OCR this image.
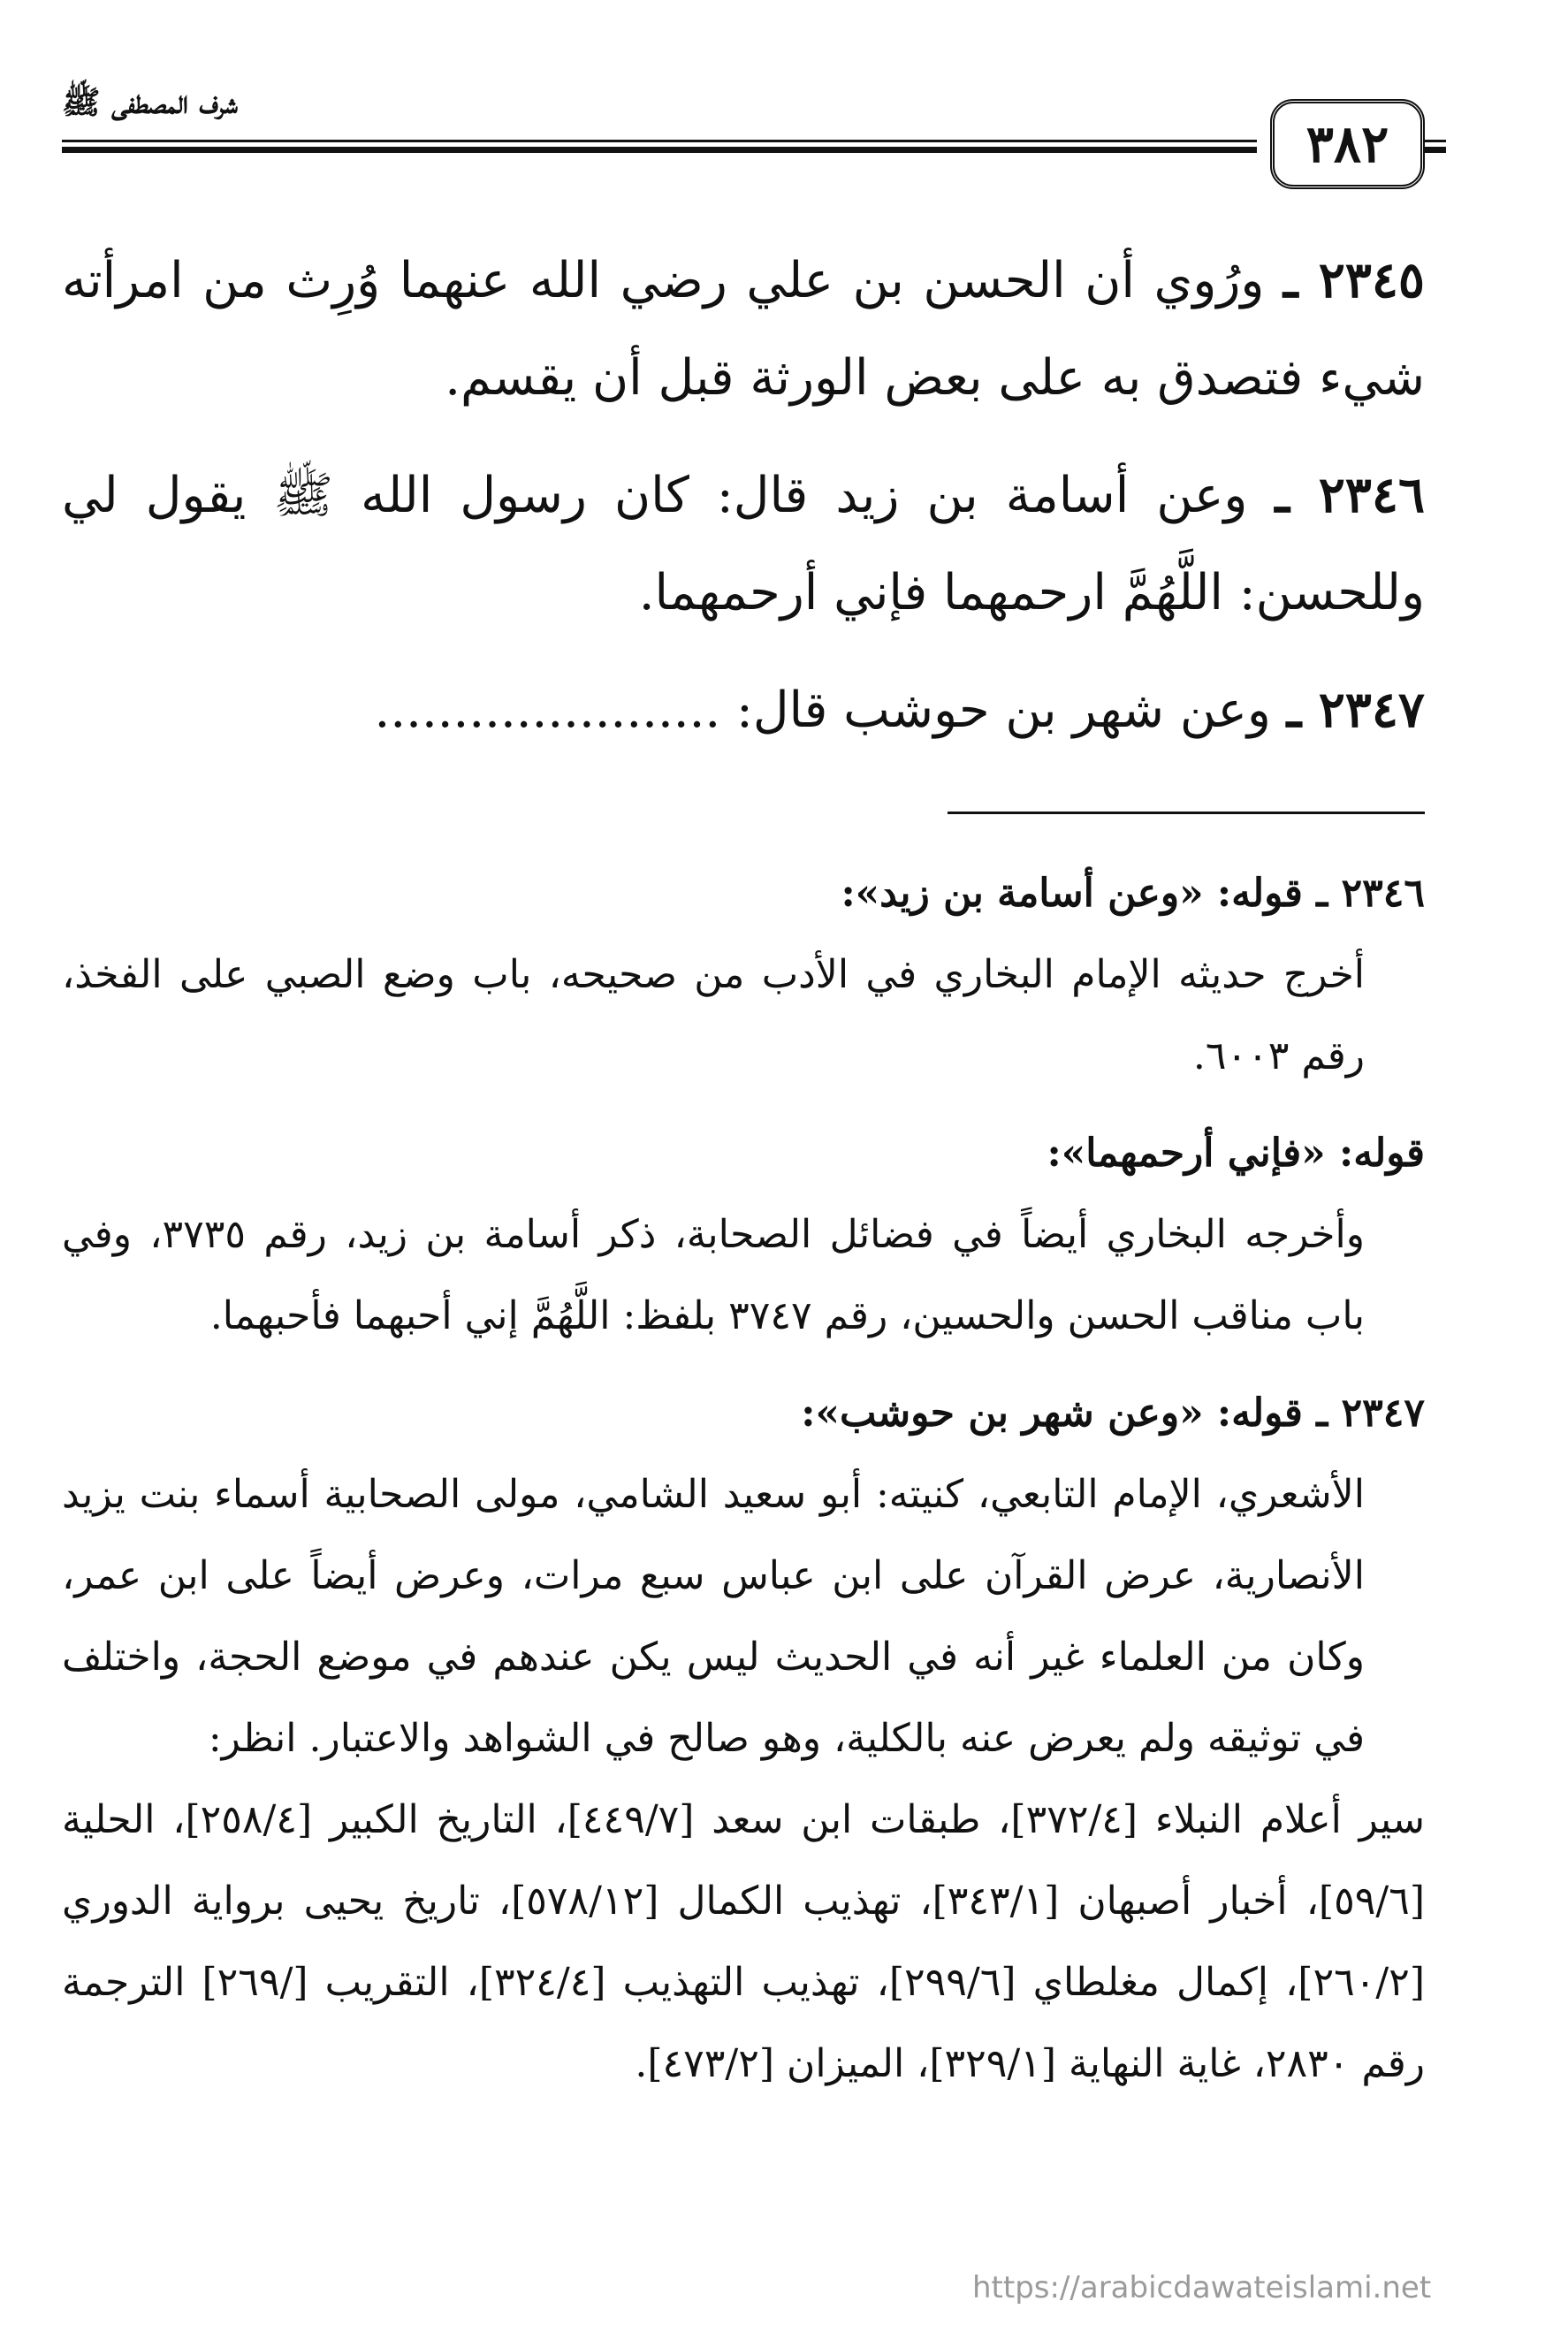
شرف المصطفى ﷺ
٣٨٢

٢٣٤٥ ـ ورُوي أن الحسن بن علي رضي الله عنهما وُرِث من امرأته شيء فتصدق به على بعض الورثة قبل أن يقسم.

٢٣٤٦ ـ وعن أسامة بن زيد قال: كان رسول الله ﷺ يقول لي وللحسن: اللَّهُمَّ ارحمهما فإني أرحمهما.

٢٣٤٧ ـ وعن شهر بن حوشب قال: ......................

٢٣٤٦ ـ قوله: «وعن أسامة بن زيد»:

أخرج حديثه الإمام البخاري في الأدب من صحيحه، باب وضع الصبي على الفخذ، رقم ٦٠٠٣.

قوله: «فإني أرحمهما»:

وأخرجه البخاري أيضاً في فضائل الصحابة، ذكر أسامة بن زيد، رقم ٣٧٣٥، وفي باب مناقب الحسن والحسين، رقم ٣٧٤٧ بلفظ: اللَّهُمَّ إني أحبهما فأحبهما.

٢٣٤٧ ـ قوله: «وعن شهر بن حوشب»:

الأشعري، الإمام التابعي، كنيته: أبو سعيد الشامي، مولى الصحابية أسماء بنت يزيد الأنصارية، عرض القرآن على ابن عباس سبع مرات، وعرض أيضاً على ابن عمر، وكان من العلماء غير أنه في الحديث ليس يكن عندهم في موضع الحجة، واختلف في توثيقه ولم يعرض عنه بالكلية، وهو صالح في الشواهد والاعتبار. انظر:

سير أعلام النبلاء [٣٧٢/٤]، طبقات ابن سعد [٤٤٩/٧]، التاريخ الكبير [٢٥٨/٤]، الحلية [٥٩/٦]، أخبار أصبهان [٣٤٣/١]، تهذيب الكمال [٥٧٨/١٢]، تاريخ يحيى برواية الدوري [٢٦٠/٢]، إكمال مغلطاي [٢٩٩/٦]، تهذيب التهذيب [٣٢٤/٤]، التقريب [/٢٦٩] الترجمة رقم ٢٨٣٠، غاية النهاية [٣٢٩/١]، الميزان [٤٧٣/٢].

https://arabicdawateislami.net
